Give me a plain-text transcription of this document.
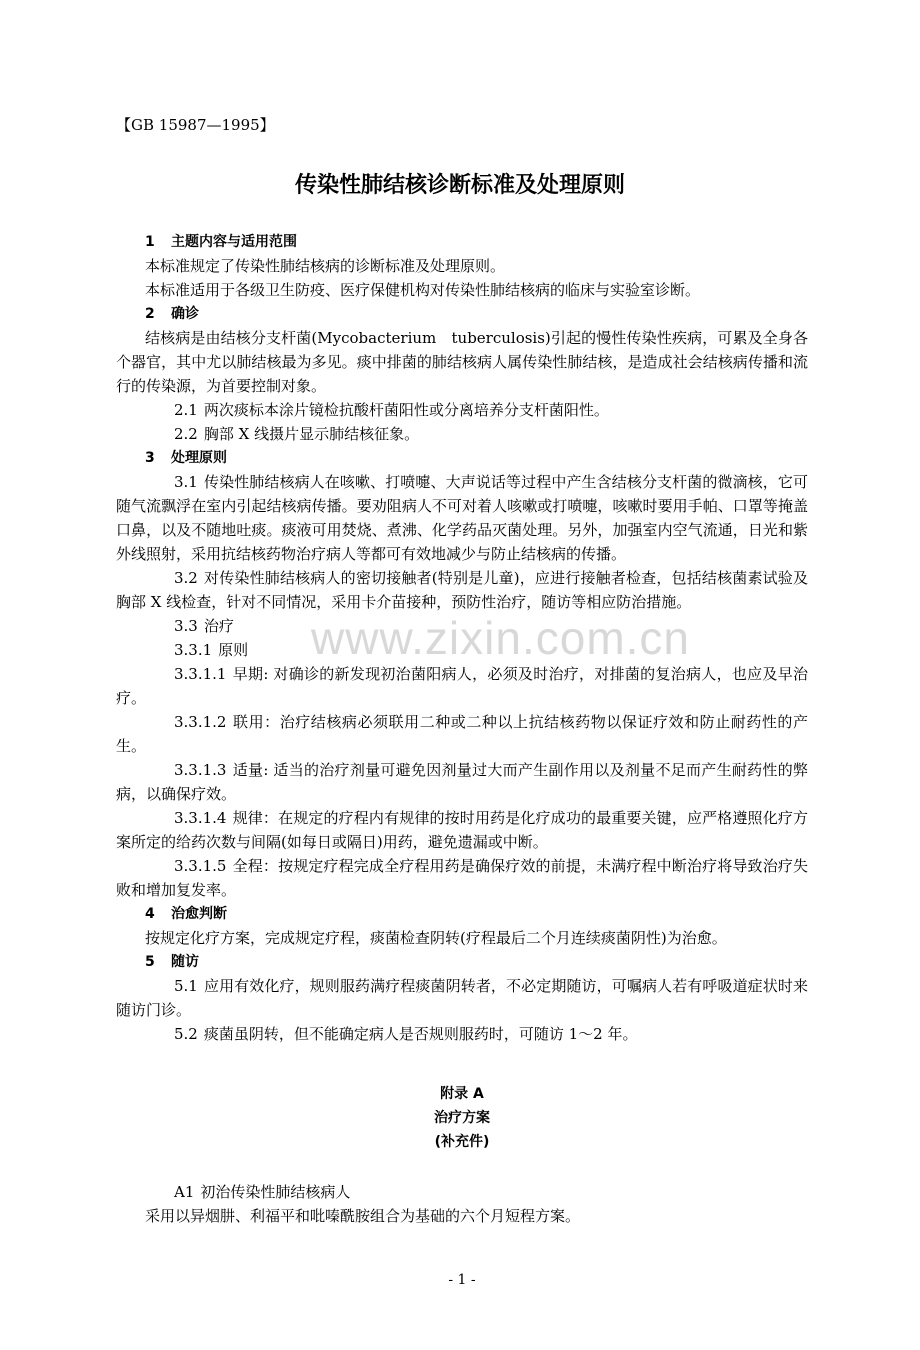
【GB 15987—1995】
传染性肺结核诊断标准及处理原则
1 主题内容与适用范围

本标准规定了传染性肺结核病的诊断标准及处理原则。

本标准适用于各级卫生防疫、医疗保健机构对传染性肺结核病的临床与实验室诊断。

2 确诊

结核病是由结核分支杆菌(Mycobacterium　tuberculosis)引起的慢性传染性疾病，可累及全身各个器官，其中尤以肺结核最为多见。痰中排菌的肺结核病人属传染性肺结核，是造成社会结核病传播和流行的传染源，为首要控制对象。

2.1 两次痰标本涂片镜检抗酸杆菌阳性或分离培养分支杆菌阳性。

2.2 胸部 X 线摄片显示肺结核征象。

3 处理原则

3.1 传染性肺结核病人在咳嗽、打喷嚏、大声说话等过程中产生含结核分支杆菌的微滴核，它可随气流飘浮在室内引起结核病传播。要劝阻病人不可对着人咳嗽或打喷嚏，咳嗽时要用手帕、口罩等掩盖口鼻，以及不随地吐痰。痰液可用焚烧、煮沸、化学药品灭菌处理。另外，加强室内空气流通，日光和紫外线照射，采用抗结核药物治疗病人等都可有效地减少与防止结核病的传播。

3.2 对传染性肺结核病人的密切接触者(特别是儿童)，应进行接触者检查，包括结核菌素试验及胸部 X 线检查，针对不同情况，采用卡介苗接种，预防性治疗，随访等相应防治措施。

www.zixin.com.cn

3.3 治疗

3.3.1 原则

3.3.1.1 早期: 对确诊的新发现初治菌阳病人，必须及时治疗，对排菌的复治病人，也应及早治疗。

3.3.1.2 联用：治疗结核病必须联用二种或二种以上抗结核药物以保证疗效和防止耐药性的产生。

3.3.1.3 适量: 适当的治疗剂量可避免因剂量过大而产生副作用以及剂量不足而产生耐药性的弊病，以确保疗效。

3.3.1.4 规律：在规定的疗程内有规律的按时用药是化疗成功的最重要关键，应严格遵照化疗方案所定的给药次数与间隔(如每日或隔日)用药，避免遗漏或中断。

3.3.1.5 全程：按规定疗程完成全疗程用药是确保疗效的前提，未满疗程中断治疗将导致治疗失败和增加复发率。

4 治愈判断

按规定化疗方案，完成规定疗程，痰菌检查阴转(疗程最后二个月连续痰菌阴性)为治愈。

5 随访

5.1 应用有效化疗，规则服药满疗程痰菌阴转者，不必定期随访，可嘱病人若有呼吸道症状时来随访门诊。

5.2 痰菌虽阴转，但不能确定病人是否规则服药时，可随访 1～2 年。

附录 A
治疗方案
(补充件)

A1 初治传染性肺结核病人

采用以异烟肼、利福平和吡嗪酰胺组合为基础的六个月短程方案。

- 1 -
